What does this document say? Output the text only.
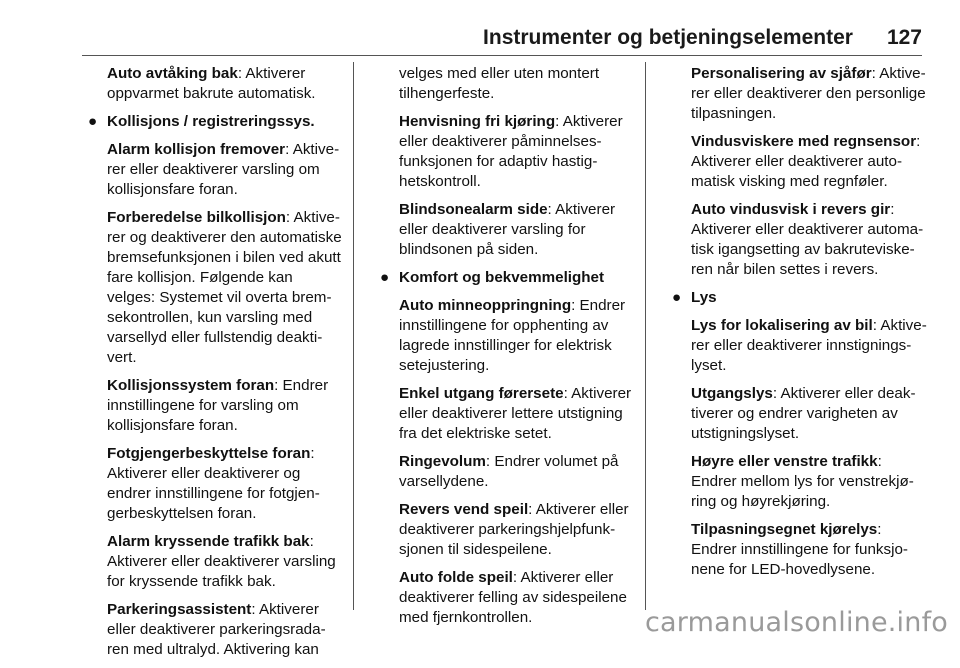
Instrumenter og betjeningselementer 127
Auto avtåking bak: Aktiverer oppvarmet bakrute automatisk.
● Kollisjons / registreringssys.
Alarm kollisjon fremover: Aktiverer eller deaktiverer varsling om kollisjonsfare foran.
Forberedelse bilkollisjon: Aktiverer og deaktiverer den automatiske bremsefunksjonen i bilen ved akutt fare kollisjon. Følgende kan velges: Systemet vil overta bremsekontrollen, kun varsling med varsellyd eller fullstendig deaktivert.
Kollisjonssystem foran: Endrer innstillingene for varsling om kollisjonsfare foran.
Fotgjengerbeskyttelse foran: Aktiverer eller deaktiverer og endrer innstillingene for fotgjengerbeskyttelsen foran.
Alarm kryssende trafikk bak: Aktiverer eller deaktiverer varsling for kryssende trafikk bak.
Parkeringsassistent: Aktiverer eller deaktiverer parkeringsradaren med ultralyd. Aktivering kan
velges med eller uten montert tilhengerfeste.
Henvisning fri kjøring: Aktiverer eller deaktiverer påminnelsesfunksjonen for adaptiv hastighetskontroll.
Blindsonealarm side: Aktiverer eller deaktiverer varsling for blindsonen på siden.
● Komfort og bekvemmelighet
Auto minneoppringning: Endrer innstillingene for opphenting av lagrede innstillinger for elektrisk setejustering.
Enkel utgang førersete: Aktiverer eller deaktiverer lettere utstigning fra det elektriske setet.
Ringevolum: Endrer volumet på varsellydene.
Revers vend speil: Aktiverer eller deaktiverer parkeringshjelpfunksjonen til sidespeilene.
Auto folde speil: Aktiverer eller deaktiverer felling av sidespeilene med fjernkontrollen.
Personalisering av sjåfør: Aktiverer eller deaktiverer den personlige tilpasningen.
Vindusviskere med regnsensor: Aktiverer eller deaktiverer automatisk visking med regnføler.
Auto vindusvisk i revers gir: Aktiverer eller deaktiverer automatisk igangsetting av bakruteviskeren når bilen settes i revers.
● Lys
Lys for lokalisering av bil: Aktiverer eller deaktiverer innstigningslyset.
Utgangslys: Aktiverer eller deaktiverer og endrer varigheten av utstigningslyset.
Høyre eller venstre trafikk: Endrer mellom lys for venstrekjøring og høyrekjøring.
Tilpasningsegnet kjørelys: Endrer innstillingene for funksjonene for LED-hovedlysene.
carmanualsonline.info
